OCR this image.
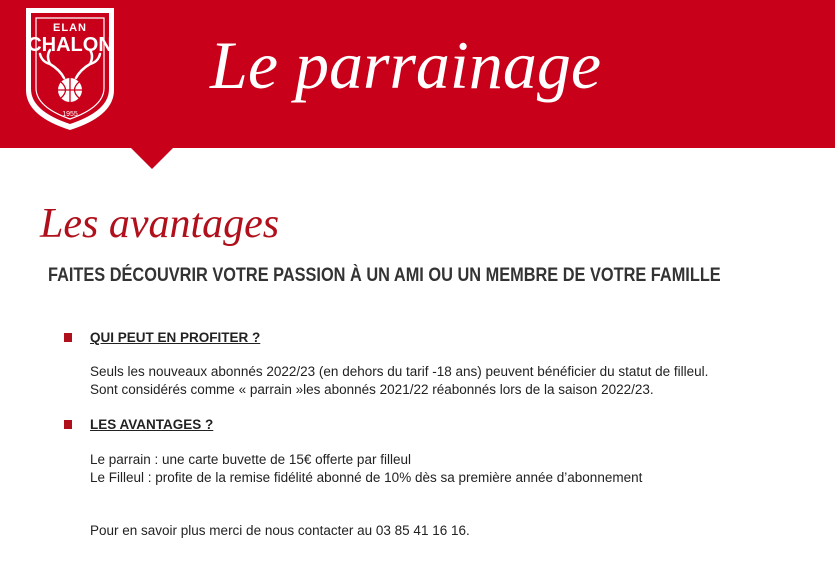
ELAN
CHALON
1955
Le parrainage
Les avantages
FAITES DÉCOUVRIR VOTRE PASSION À UN AMI OU UN MEMBRE DE VOTRE FAMILLE
QUI PEUT EN PROFITER ?
Seuls les nouveaux abonnés 2022/23 (en dehors du tarif -18 ans) peuvent bénéficier du statut de filleul.
Sont considérés comme « parrain »les abonnés 2021/22 réabonnés lors de la saison 2022/23.
LES AVANTAGES ?
Le parrain : une carte buvette de 15€ offerte par filleul
Le Filleul : profite de la remise fidélité abonné de 10% dès sa première année d’abonnement
Pour en savoir plus merci de nous contacter au 03 85 41 16 16.
